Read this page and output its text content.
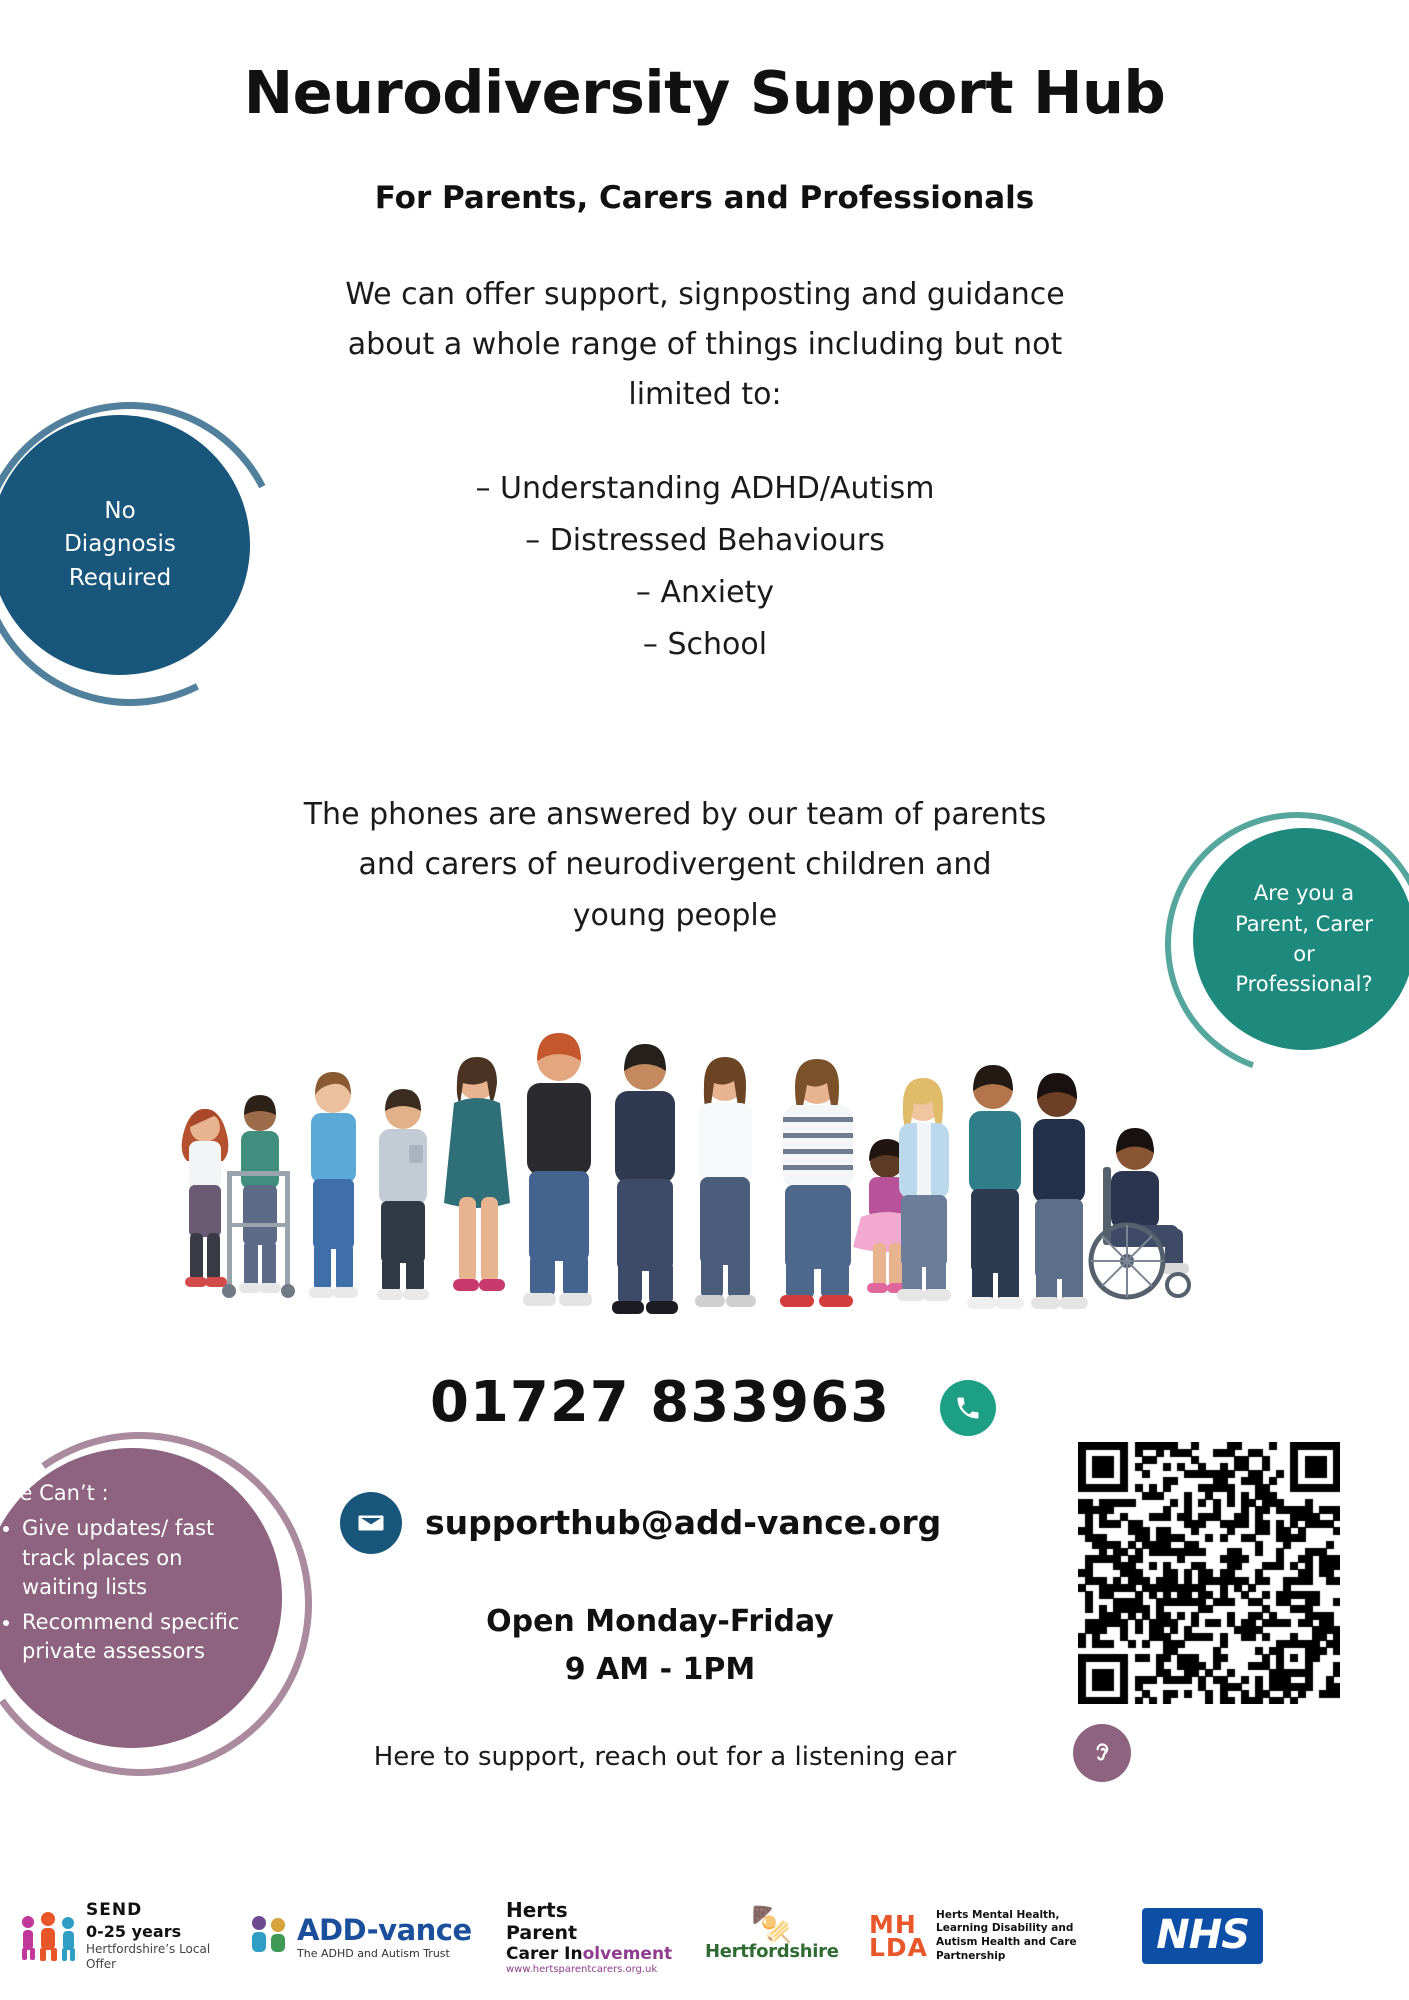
Neurodiversity Support Hub
For Parents, Carers and Professionals
We can offer support, signposting and guidance
about a whole range of things including but not
limited to:
– Understanding ADHD/Autism
– Distressed Behaviours
– Anxiety
– School
The phones are answered by our team of parents
and carers of neurodivergent children and
young people
No
Diagnosis
Required
Are you a
Parent, Carer
or
Professional?
We Can’t :
• Give updates/ fast track places on waiting lists
• Recommend specific private assessors
01727 833963
supporthub@add-vance.org
Open Monday-Friday
9 AM - 1PM
Here to support, reach out for a listening ear
SEND
0-25 years
Hertfordshire’s Local Offer
ADD-vance
The ADHD and Autism Trust
Herts
Parent
Carer Inolvement
www.hertsparentcarers.org.uk
🍢
Hertfordshire
MH
LDA
Herts Mental Health, Learning Disability and Autism Health and Care Partnership	NHS
